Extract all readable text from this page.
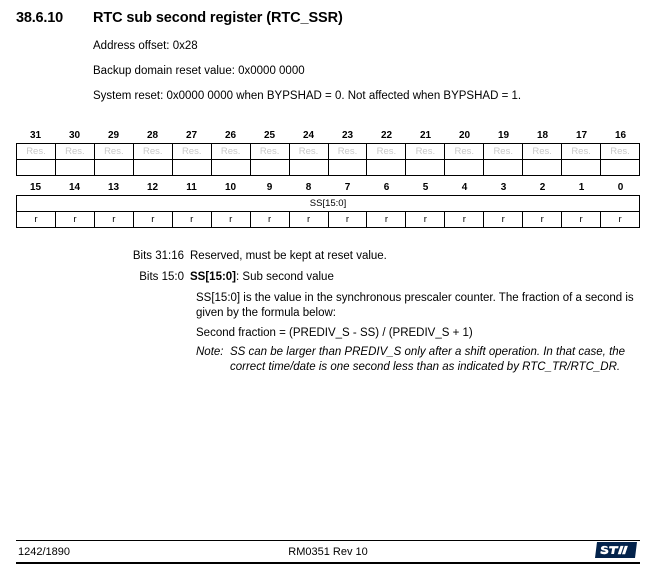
38.6.10	RTC sub second register (RTC_SSR)
Address offset: 0x28
Backup domain reset value: 0x0000 0000
System reset: 0x0000 0000 when BYPSHAD = 0. Not affected when BYPSHAD = 1.
31	30	29	28	27	26	25	24	23	22	21	20	19	18	17	16
Res.	Res.	Res.	Res.	Res.	Res.	Res.	Res.	Res.	Res.	Res.	Res.	Res.	Res.	Res.	Res.

15	14	13	12	11	10	9	8	7	6	5	4	3	2	1	0
SS[15:0]
r	r	r	r	r	r	r	r	r	r	r	r	r	r	r	r
Bits 31:16 Reserved, must be kept at reset value.
Bits 15:0 SS[15:0]: Sub second value
SS[15:0] is the value in the synchronous prescaler counter. The fraction of a second is given by the formula below:
Second fraction = (PREDIV_S - SS) / (PREDIV_S + 1)
Note: SS can be larger than PREDIV_S only after a shift operation. In that case, the correct time/date is one second less than as indicated by RTC_TR/RTC_DR.
RM0351 Rev 10
1242/1890
